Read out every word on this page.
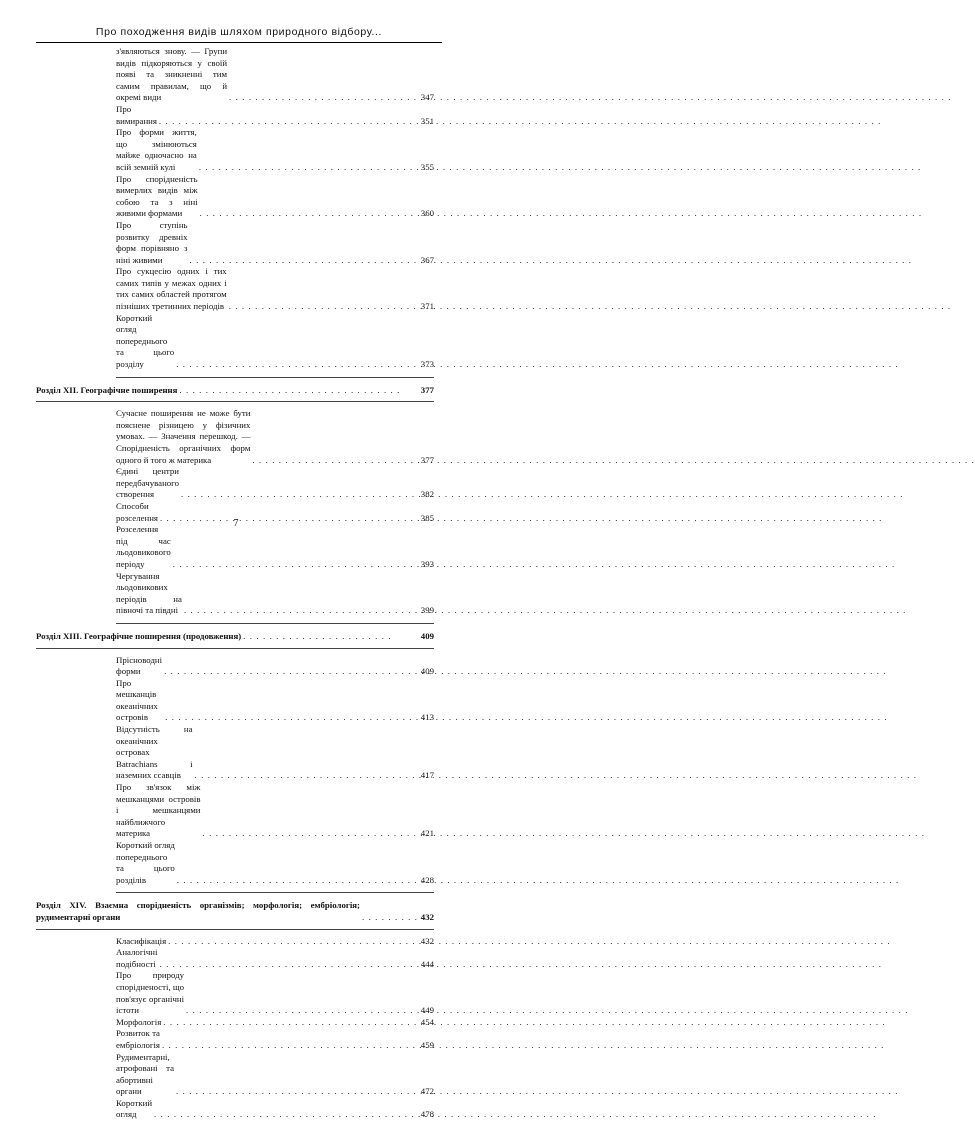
Про походження видів шляхом природного відбору...
з'являються знову. — Групи видів підкоряються у своїй появі та зникненні тим самим правилам, що й окремі види . . .	347
Про вимирання . . .	351
Про форми життя, що змінюються майже одночасно на всій земній кулі . . .	355
Про спорідненість вимерлих видів між собою та з ніні живими формами . . .	360
Про ступінь розвитку древніх форм порівняно з ніні живими . . .	367
Про сукцесію одних і тих самих типів у межах одних і тих самих областей протягом пізніших третинних періодів . . .	371
Короткий огляд попереднього та цього розділу . . .	373
Розділ ХІІ. Географічне поширення . . . . . . . . . . . . . . . . . . . . . . . . . . . . . . . . . .	377
Сучасне поширення не може бути пояснене різницею у фізичних умовах. — Значення перешкод. — Спорідненість органічних форм одного й того ж материка . . .	377
Єдині центри передбачуваного створення . . .	382
Способи розселення . . .	385
Розселення під час льодовикового періоду . . .	393
Чергування льодовикових періодів на півночі та півдні . . .	399
Розділ ХІІІ. Географічне поширення (продовження) . . . . . . . . . . . . . . . . . . . . . . .	409
Прісноводні форми . . .	409
Про мешканців океанічних островів . . .	413
Відсутність на океанічних островах Batrachians і наземних ссавців . . .	417
Про зв'язок між мешканцями островів і мешканцями найближчого материка . . .	421
Короткий огляд попереднього та цього розділів . . .	428
Розділ XIV. Взаємна спорідненість організмів; морфологія; ембріологія; рудиментарні органи	. . . . . . . . . 432
Класифікація . . .	432
Аналогічні подібності . . .	444
Про природу спорідненості, що пов'язує органічні істоти . . .	449
Морфологія . . .	454
Розвиток та ембріологія . . .	459
Рудиментарні, атрофовані та абортивні органи . . .	472
Короткий огляд . . .	478
7
